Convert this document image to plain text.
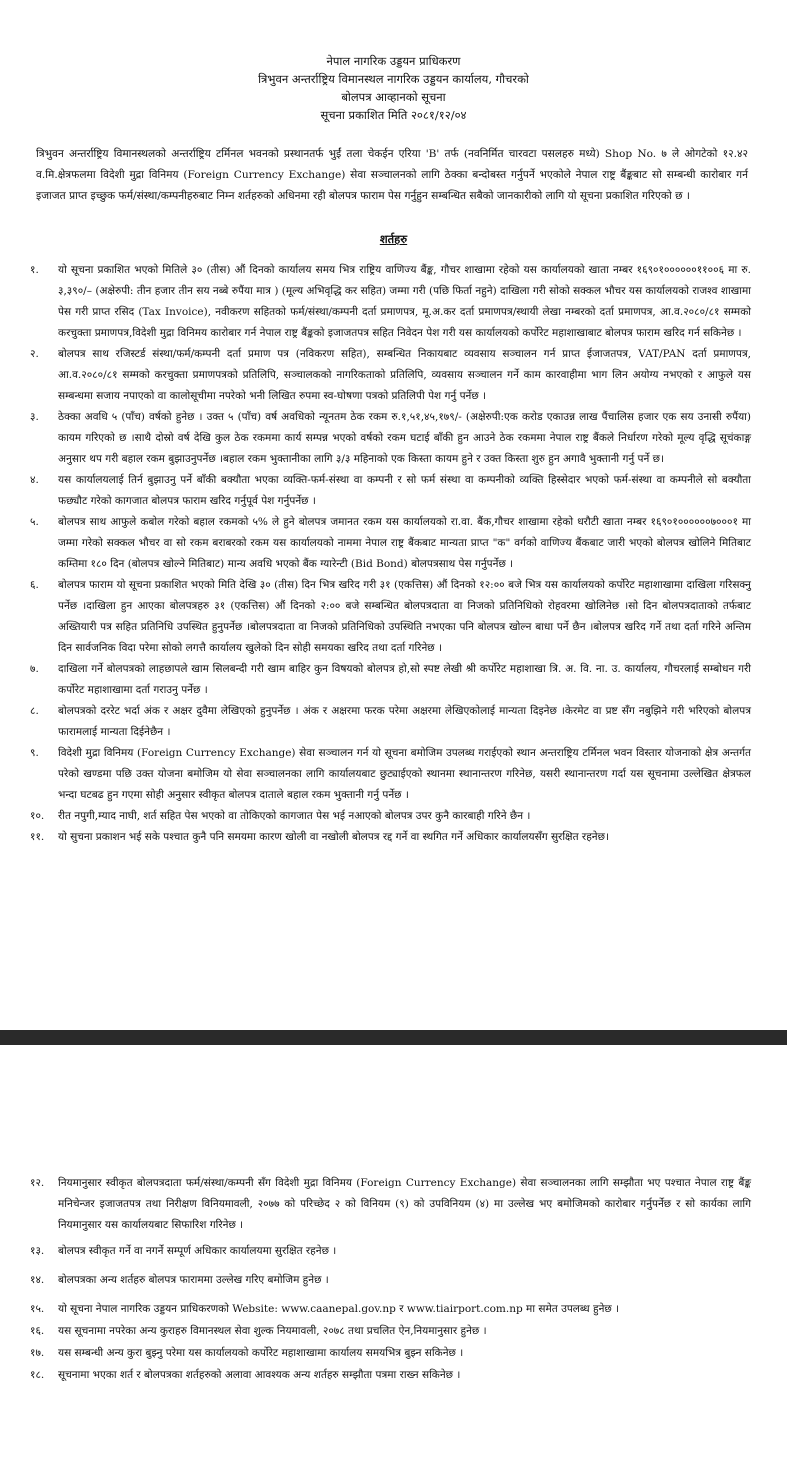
नेपाल नागरिक उड्डयन प्राधिकरण
त्रिभुवन अन्तर्राष्ट्रिय विमानस्थल नागरिक उड्डयन कार्यालय, गौचरको
बोलपत्र आव्हानको सूचना
सूचना प्रकाशित मिति २०८१/१२/०४
त्रिभुवन अन्तर्राष्ट्रिय विमानस्थलको अन्तर्राष्ट्रिय टर्मिनल भवनको प्रस्थानतर्फ भुईं तला चेकईन एरिया 'B' तर्फ (नवनिर्मित चारवटा पसलहरु मध्ये) Shop No. ७ ले ओगटेको १२.४२ व.मि.क्षेत्रफलमा विदेशी मुद्रा विनिमय (Foreign Currency Exchange) सेवा सञ्चालनको लागि ठेक्का बन्दोबस्त गर्नुपर्ने भएकोले नेपाल राष्ट्र बैंङ्कबाट सो सम्बन्धी कारोबार गर्न इजाजत प्राप्त इच्छुक फर्म/संस्था/कम्पनीहरुबाट निम्न शर्तहरुको अधिनमा रही बोलपत्र फाराम पेस गर्नुहुन सम्बन्धित सबैको जानकारीको लागि यो सूचना प्रकाशित गरिएको छ ।
शर्तहरु
१.	यो सूचना प्रकाशित भएको मितिले ३० (तीस) औं दिनको कार्यालय समय भित्र राष्ट्रिय वाणिज्य बैंङ्क, गौचर शाखामा रहेको यस कार्यालयको खाता नम्बर १६९०१००००००११००६ मा रु. ३,३९०/– (अक्षेरुपी: तीन हजार तीन सय नब्बे रुपैंया मात्र ) (मूल्य अभिवृद्धि कर सहित) जम्मा गरी (पछि फिर्ता नहुने) दाखिला गरी सोको सक्कल भौचर यस कार्यालयको राजश्व शाखामा पेस गरी प्राप्त रसिद (Tax Invoice), नवीकरण सहितको फर्म/संस्था/कम्पनी दर्ता प्रमाणपत्र, मू.अ.कर दर्ता प्रमाणपत्र/स्थायी लेखा नम्बरको दर्ता प्रमाणपत्र, आ.व.२०८०/८१ सम्मको करचुक्ता प्रमाणपत्र,विदेशी मुद्रा विनिमय कारोबार गर्न नेपाल राष्ट्र बैंङ्कको इजाजतपत्र सहित निवेदन पेश गरी यस कार्यालयको कर्पोरेट महाशाखाबाट बोलपत्र फाराम खरिद गर्न सकिनेछ ।
२.	बोलपत्र साथ रजिस्टर्ड संस्था/फर्म/कम्पनी दर्ता प्रमाण पत्र (नविकरण सहित), सम्बन्धित निकायबाट व्यवसाय सञ्चालन गर्न प्राप्त ईजाजतपत्र, VAT/PAN दर्ता प्रमाणपत्र, आ.व.२०८०/८१ सम्मको करचुक्ता प्रमाणपत्रको प्रतिलिपि, सञ्चालकको नागरिकताको प्रतिलिपि, व्यवसाय सञ्चालन गर्ने काम कारवाहीमा भाग लिन अयोग्य नभएको र आफुले यस सम्बन्धमा सजाय नपाएको वा कालोसूचीमा नपरेको भनी लिखित रुपमा स्व-घोषणा पत्रको प्रतिलिपी पेश गर्नु पर्नेछ ।
३.	ठेक्का अवधि ५ (पाँच) वर्षको हुनेछ । उक्त ५ (पाँच) वर्ष अवधिको न्यूनतम ठेक रकम रु.१,५१,४५,१७९/- (अक्षेरुपी:एक करोड एकाउन्न लाख पैंचालिस हजार एक सय उनासी रुपैंया) कायम गरिएको छ ।साथै दोस्रो वर्ष देखि कुल ठेक रकममा कार्य सम्पन्न भएको वर्षको रकम घटाई बाँकी हुन आउने ठेक रकममा नेपाल राष्ट्र बैंकले निर्धारण गरेको मूल्य वृद्धि सूचंकाङ्ग अनुसार थप गरी बहाल रकम बुझाउनुपर्नेछ ।बहाल रकम भुक्तानीका लागि ३/३ महिनाको एक किस्ता कायम हुने र उक्त किस्ता शुरु हुन अगावै भुक्तानी गर्नु पर्ने छ।
४.	यस कार्यालयलाई तिर्न बुझाउनु पर्ने बाँकी बक्यौता भएका व्यक्ति-फर्म-संस्था वा कम्पनी र सो फर्म संस्था वा कम्पनीको व्यक्ति हिस्सेदार भएको फर्म-संस्था वा कम्पनीले सो बक्यौता फछ्यौट गरेको कागजात बोलपत्र फाराम खरिद गर्नुपूर्व पेश गर्नुपर्नेछ ।
५.	बोलपत्र साथ आफुले कबोल गरेको बहाल रकमको ५% ले हुने बोलपत्र जमानत रकम यस कार्यालयको रा.वा. बैंक,गौचर शाखामा रहेको धरौटी खाता नम्बर १६९०१००००००७०००१ मा जम्मा गरेको सक्कल भौचर वा सो रकम बराबरको रकम यस कार्यालयको नाममा नेपाल राष्ट्र बैंकबाट मान्यता प्राप्त "क" वर्गको वाणिज्य बैंकबाट जारी भएको बोलपत्र खोलिने मितिबाट कम्तिमा १८० दिन (बोलपत्र खोल्ने मितिबाट) मान्य अवधि भएको बैंक ग्यारेन्टी (Bid Bond) बोलपत्रसाथ पेस गर्नुपर्नेछ ।
६.	बोलपत्र फाराम यो सूचना प्रकाशित भएको मिति देखि ३० (तीस) दिन भित्र खरिद गरी ३१ (एकत्तिस) औं दिनको १२:०० बजे भित्र यस कार्यालयको कर्पोरेट महाशाखामा दाखिला गरिसक्नु पर्नेछ ।दाखिला हुन आएका बोलपत्रहरु ३१ (एकत्तिस) औं दिनको २:०० बजे सम्बन्धित बोलपत्रदाता वा निजको प्रतिनिधिको रोहवरमा खोलिनेछ ।सो दिन बोलपत्रदाताको तर्फबाट अख्तियारी पत्र सहित प्रतिनिधि उपस्थित हुनुपर्नेछ ।बोलपत्रदाता वा निजको प्रतिनिधिको उपस्थिति नभएका पनि बोलपत्र खोल्न बाधा पर्ने छैन ।बोलपत्र खरिद गर्ने तथा दर्ता गरिने अन्तिम दिन सार्वजनिक विदा परेमा सोको लगत्तै कार्यालय खुलेको दिन सोही समयका खरिद तथा दर्ता गरिनेछ ।
७.	दाखिला गर्ने बोलपत्रको लाहछापले खाम सिलबन्दी गरी खाम बाहिर कुन विषयको बोलपत्र हो,सो स्पष्ट लेखी श्री कर्पोरेट महाशाखा त्रि. अ. वि. ना. उ. कार्यालय, गौचरलाई सम्बोधन गरी कर्पोरेट महाशाखामा दर्ता गराउनु पर्नेछ ।
८.	बोलपत्रको दररेट भर्दा अंक र अक्षर दुवैमा लेखिएको हुनुपर्नेछ । अंक र अक्षरमा फरक परेमा अक्षरमा लेखिएकोलाई मान्यता दिइनेछ ।केरमेट वा प्रष्ट सँग नबुझिने गरी भरिएको बोलपत्र फारामलाई मान्यता दिईनेछैन ।
९.	विदेशी मुद्रा विनिमय (Foreign Currency Exchange) सेवा सञ्चालन गर्न यो सूचना बमोजिम उपलब्ध गराईएको स्थान अन्तराष्ट्रिय टर्मिनल भवन विस्तार योजनाको क्षेत्र अन्तर्गत परेको खण्डमा पछि उक्त योजना बमोजिम यो सेवा सञ्चालनका लागि कार्यालयबाट छुट्याईएको स्थानमा स्थानान्तरण गरिनेछ, यसरी स्थानान्तरण गर्दा यस सूचनामा उल्लेखित क्षेत्रफल भन्दा घटबढ हुन गएमा सोही अनुसार स्वीकृत बोलपत्र दाताले बहाल रकम भुक्तानी गर्नु पर्नेछ ।
१०.	रीत नपुगी,म्याद नाघी, शर्त सहित पेस भएको वा तोकिएको कागजात पेस भई नआएको बोलपत्र उपर कुनै कारबाही गरिने छैन ।
११.	यो सुचना प्रकाशन भई सके पश्चात कुनै पनि समयमा कारण खोली वा नखोली बोलपत्र रद्द गर्ने वा स्थगित गर्ने अधिकार कार्यालयसँग सुरक्षित रहनेछ।
१२.	नियमानुसार स्वीकृत बोलपत्रदाता फर्म/संस्था/कम्पनी सँग विदेशी मुद्रा विनिमय (Foreign Currency Exchange) सेवा सञ्चालनका लागि सम्झौता भए पश्चात नेपाल राष्ट्र बैंङ्क मनिचेन्जर इजाजतपत्र तथा निरीक्षण विनियमावली, २०७७ को परिच्छेद २ को विनियम (९) को उपविनियम (४) मा उल्लेख भए बमोजिमको कारोबार गर्नुपर्नेछ र सो कार्यका लागि नियमानुसार यस कार्यालयबाट सिफारिश गरिनेछ ।
१३.	बोलपत्र स्वीकृत गर्ने वा नगर्ने सम्पूर्ण अधिकार कार्यालयमा सुरक्षित रहनेछ ।
१४.	बोलपत्रका अन्य शर्तहरु बोलपत्र फाराममा उल्लेख गरिए बमोजिम हुनेछ ।
१५.	यो सूचना नेपाल नागरिक उड्डयन प्राधिकरणको Website: www.caanepal.gov.np र www.tiairport.com.np मा समेत उपलब्ध हुनेछ ।
१६.	यस सूचनामा नपरेका अन्य कुराहरु विमानस्थल सेवा शुल्क नियमावली, २०७८ तथा प्रचलित ऐन,नियमानुसार हुनेछ ।
१७.	यस सम्बन्धी अन्य कुरा बुझ्नु परेमा यस कार्यालयको कर्पोरेट महाशाखामा कार्यालय समयभित्र बुझ्न सकिनेछ ।
१८.	सूचनामा भएका शर्त र बोलपत्रका शर्तहरुको अलावा आवश्यक अन्य शर्तहरु सम्झौता पत्रमा राख्न सकिनेछ ।
